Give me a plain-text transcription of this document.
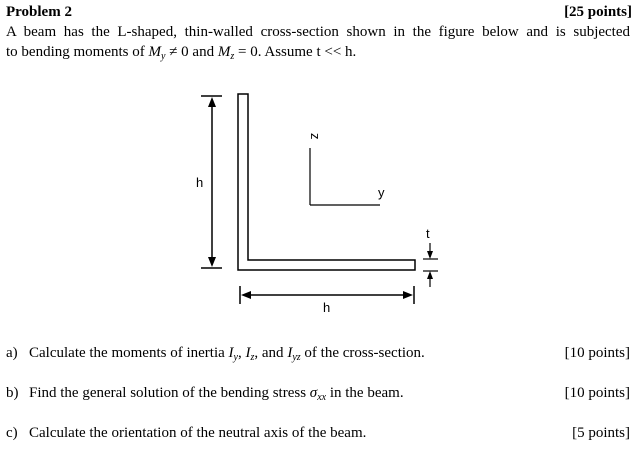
Problem 2	[25 points]
A beam has the L-shaped, thin-walled cross-section shown in the figure below and is subjected
to bending moments of $M_y \ne 0$ and $M_z = 0$. Assume t << h.
h
h
t
z
y
a) Calculate the moments of inertia $I_y$, $I_z$, and $I_{yz}$ of the cross-section.	[10 points]
b) Find the general solution of the bending stress $\sigma_{xx}$ in the beam.	[10 points]
c) Calculate the orientation of the neutral axis of the beam.	[5 points]
